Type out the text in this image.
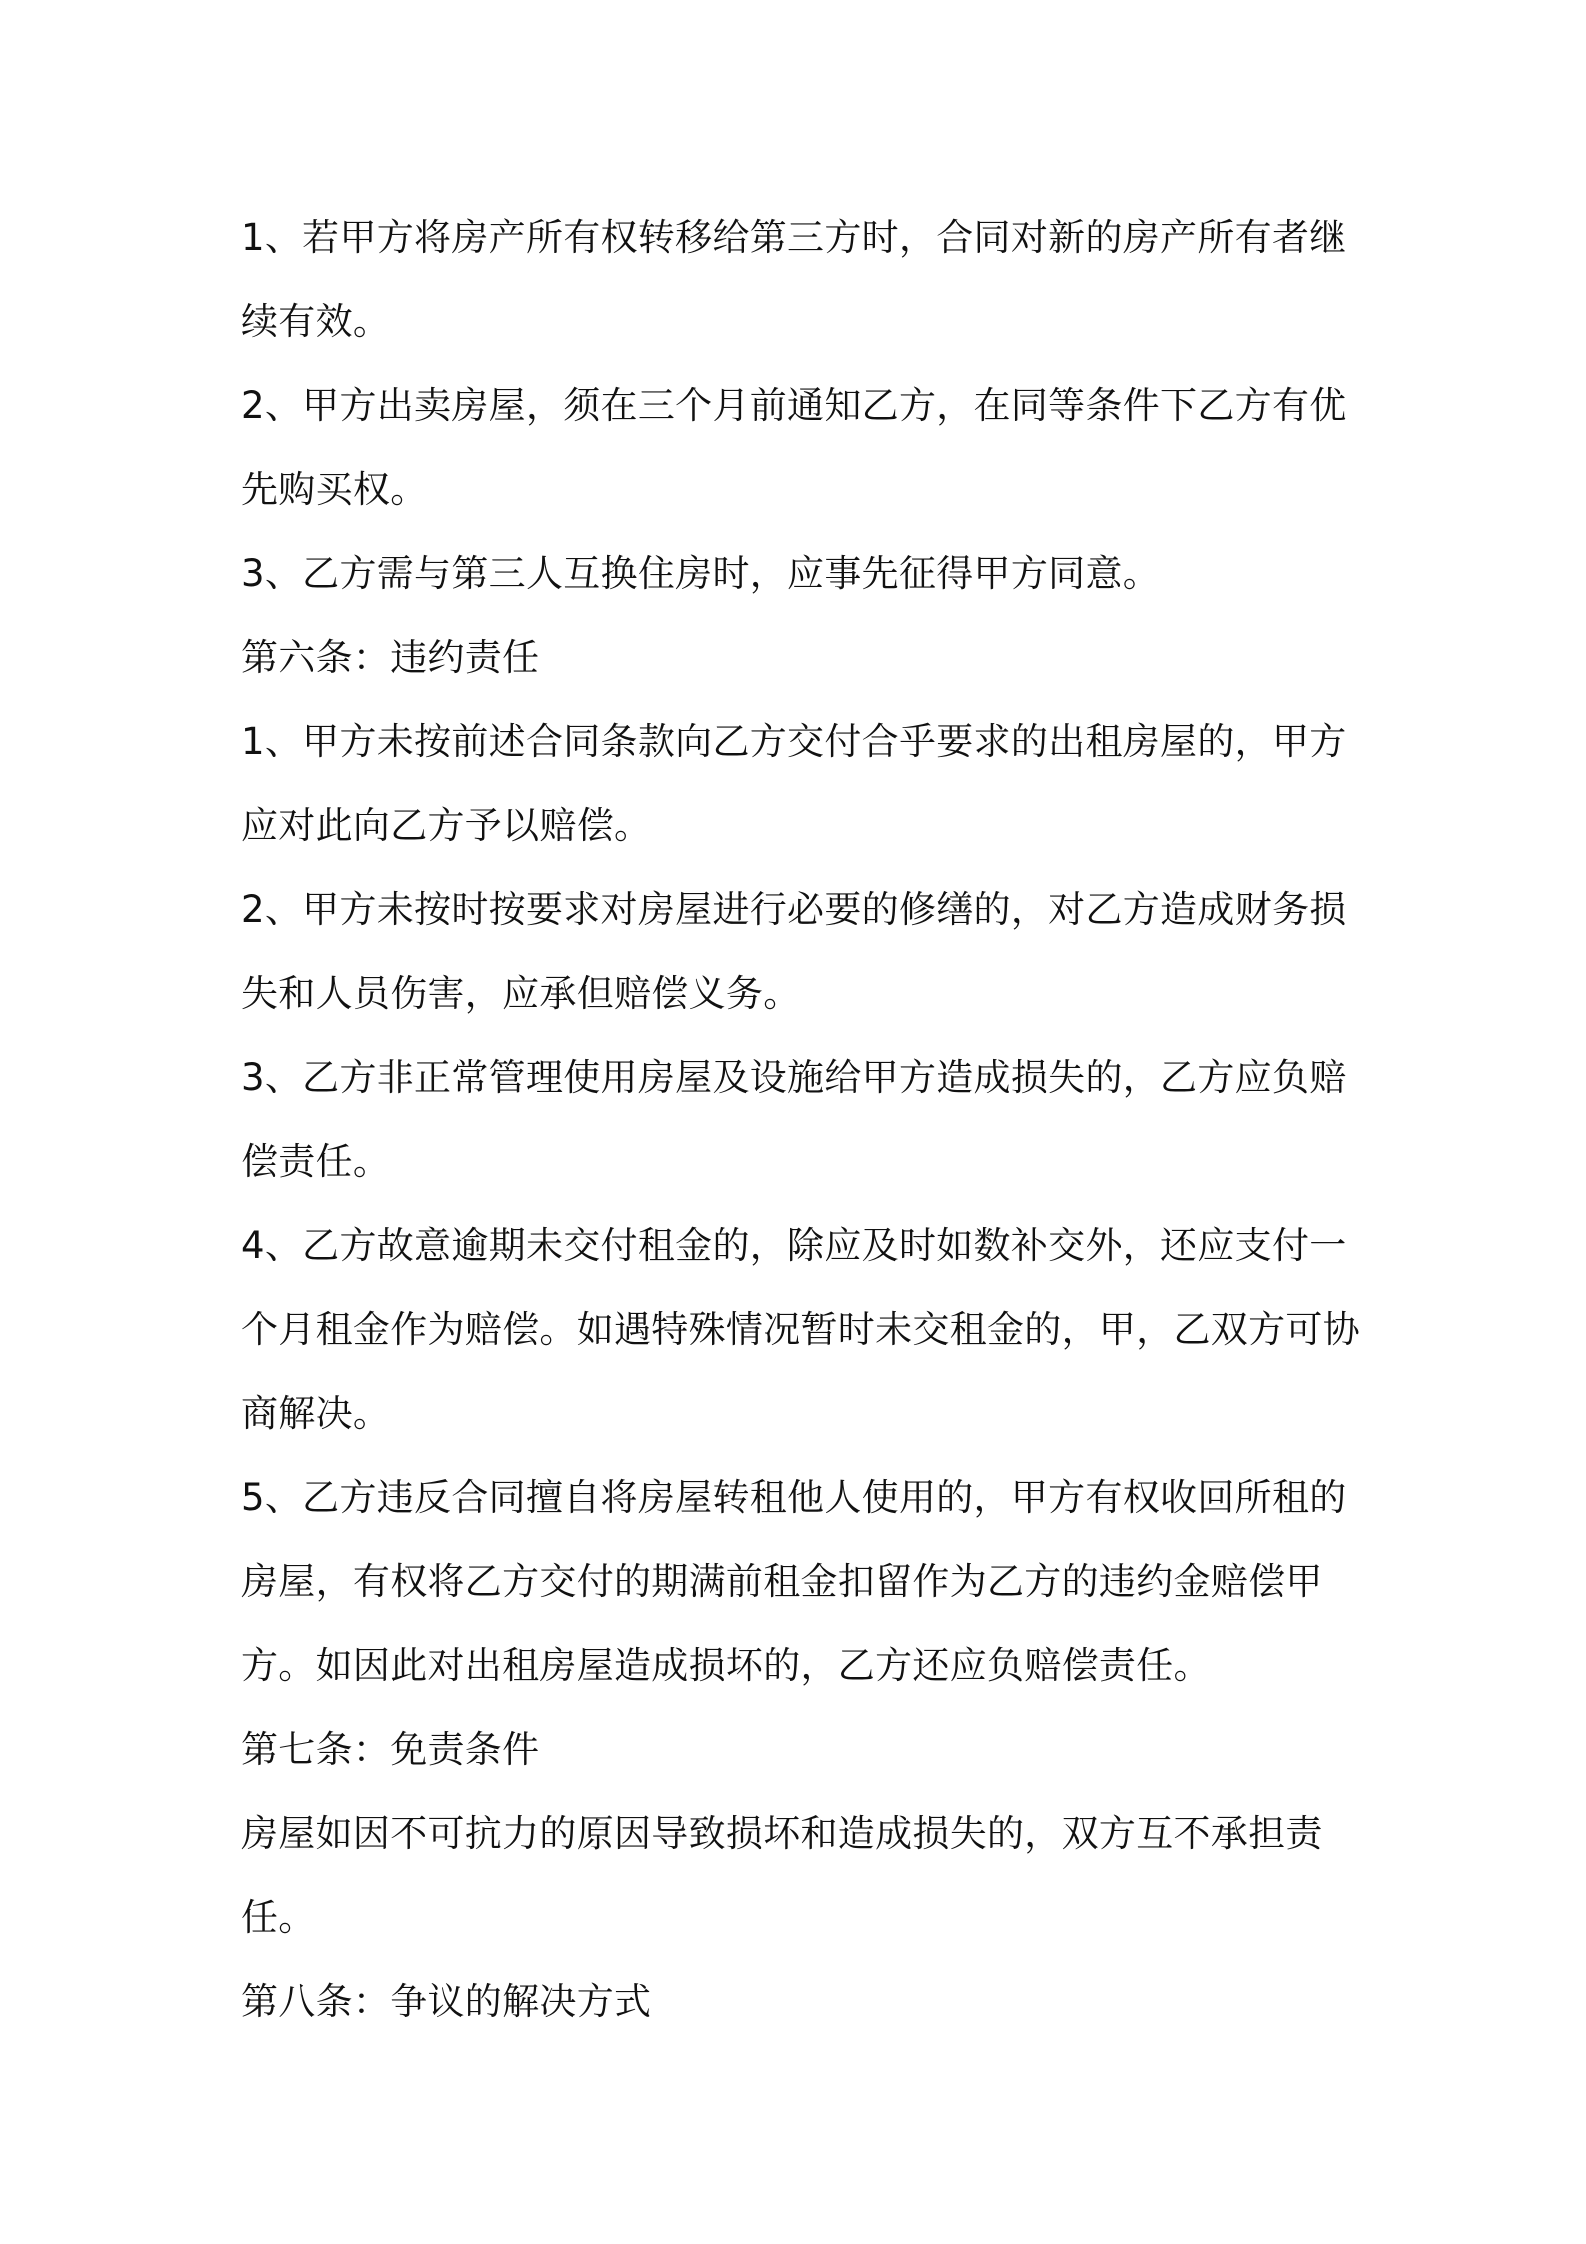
1、若甲方将房产所有权转移给第三方时，合同对新的房产所有者继
续有效。
2、甲方出卖房屋，须在三个月前通知乙方，在同等条件下乙方有优
先购买权。
3、乙方需与第三人互换住房时，应事先征得甲方同意。
第六条：违约责任
1、甲方未按前述合同条款向乙方交付合乎要求的出租房屋的，甲方
应对此向乙方予以赔偿。
2、甲方未按时按要求对房屋进行必要的修缮的，对乙方造成财务损
失和人员伤害，应承但赔偿义务。
3、乙方非正常管理使用房屋及设施给甲方造成损失的，乙方应负赔
偿责任。
4、乙方故意逾期未交付租金的，除应及时如数补交外，还应支付一
个月租金作为赔偿。如遇特殊情况暂时未交租金的，甲，乙双方可协
商解决。
5、乙方违反合同擅自将房屋转租他人使用的，甲方有权收回所租的
房屋，有权将乙方交付的期满前租金扣留作为乙方的违约金赔偿甲
方。如因此对出租房屋造成损坏的，乙方还应负赔偿责任。
第七条：免责条件
房屋如因不可抗力的原因导致损坏和造成损失的，双方互不承担责
任。
第八条：争议的解决方式
